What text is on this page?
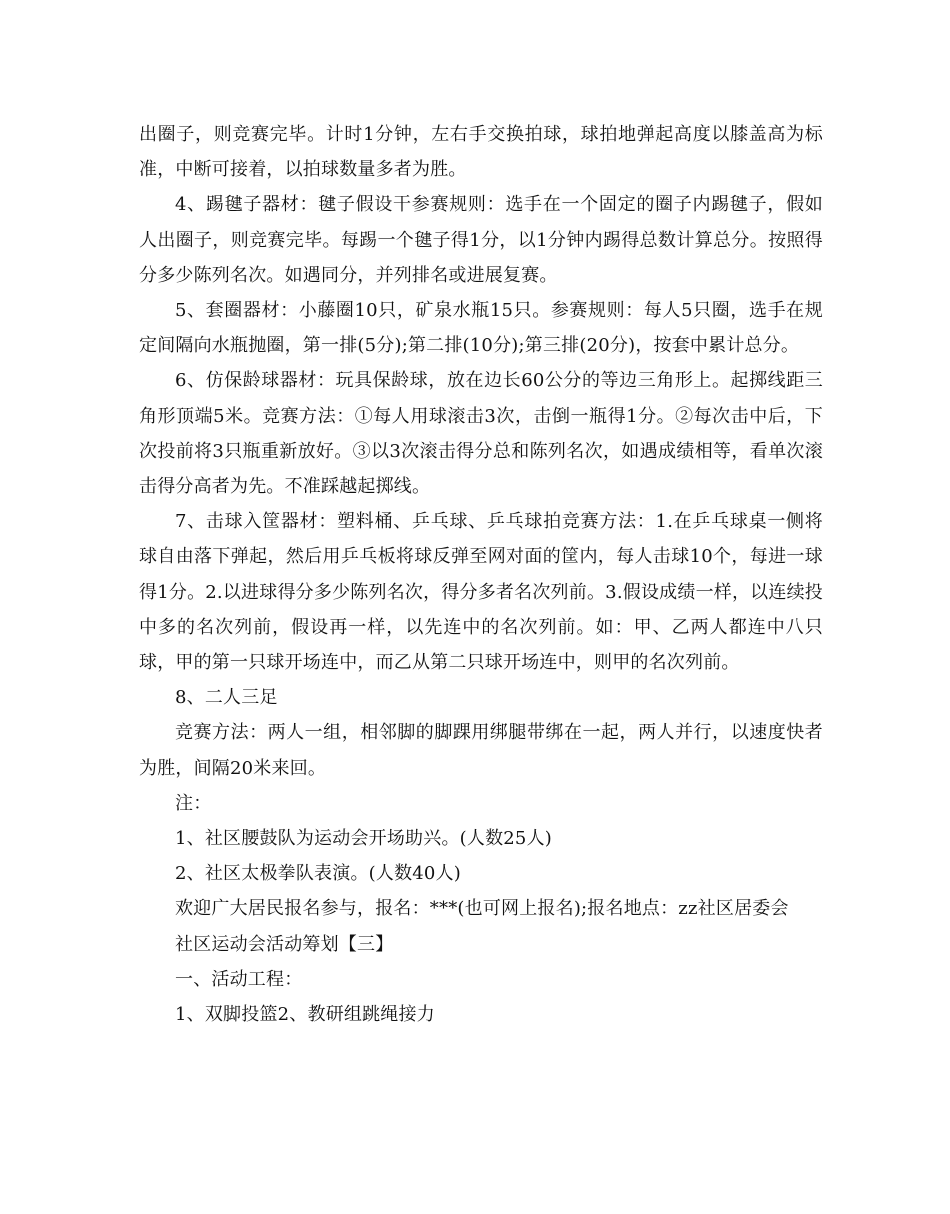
出圈子，则竞赛完毕。计时1分钟，左右手交换拍球，球拍地弹起高度以膝盖高为标准，中断可接着，以拍球数量多者为胜。

4、踢毽子器材：毽子假设干参赛规则：选手在一个固定的圈子内踢毽子，假如人出圈子，则竞赛完毕。每踢一个毽子得1分，以1分钟内踢得总数计算总分。按照得分多少陈列名次。如遇同分，并列排名或进展复赛。

5、套圈器材：小藤圈10只，矿泉水瓶15只。参赛规则：每人5只圈，选手在规定间隔向水瓶抛圈，第一排(5分);第二排(10分);第三排(20分)，按套中累计总分。

6、仿保龄球器材：玩具保龄球，放在边长60公分的等边三角形上。起掷线距三角形顶端5米。竞赛方法：①每人用球滚击3次，击倒一瓶得1分。②每次击中后，下次投前将3只瓶重新放好。③以3次滚击得分总和陈列名次，如遇成绩相等，看单次滚击得分高者为先。不准踩越起掷线。

7、击球入筐器材：塑料桶、乒乓球、乒乓球拍竞赛方法：1.在乒乓球桌一侧将球自由落下弹起，然后用乒乓板将球反弹至网对面的筐内，每人击球10个，每进一球得1分。2.以进球得分多少陈列名次，得分多者名次列前。3.假设成绩一样，以连续投中多的名次列前，假设再一样，以先连中的名次列前。如：甲、乙两人都连中八只球，甲的第一只球开场连中，而乙从第二只球开场连中，则甲的名次列前。

8、二人三足

竞赛方法：两人一组，相邻脚的脚踝用绑腿带绑在一起，两人并行，以速度快者为胜，间隔20米来回。

注：

1、社区腰鼓队为运动会开场助兴。(人数25人)

2、社区太极拳队表演。(人数40人)

欢迎广大居民报名参与，报名：***(也可网上报名);报名地点：zz社区居委会

社区运动会活动筹划【三】

一、活动工程：

1、双脚投篮2、教研组跳绳接力
